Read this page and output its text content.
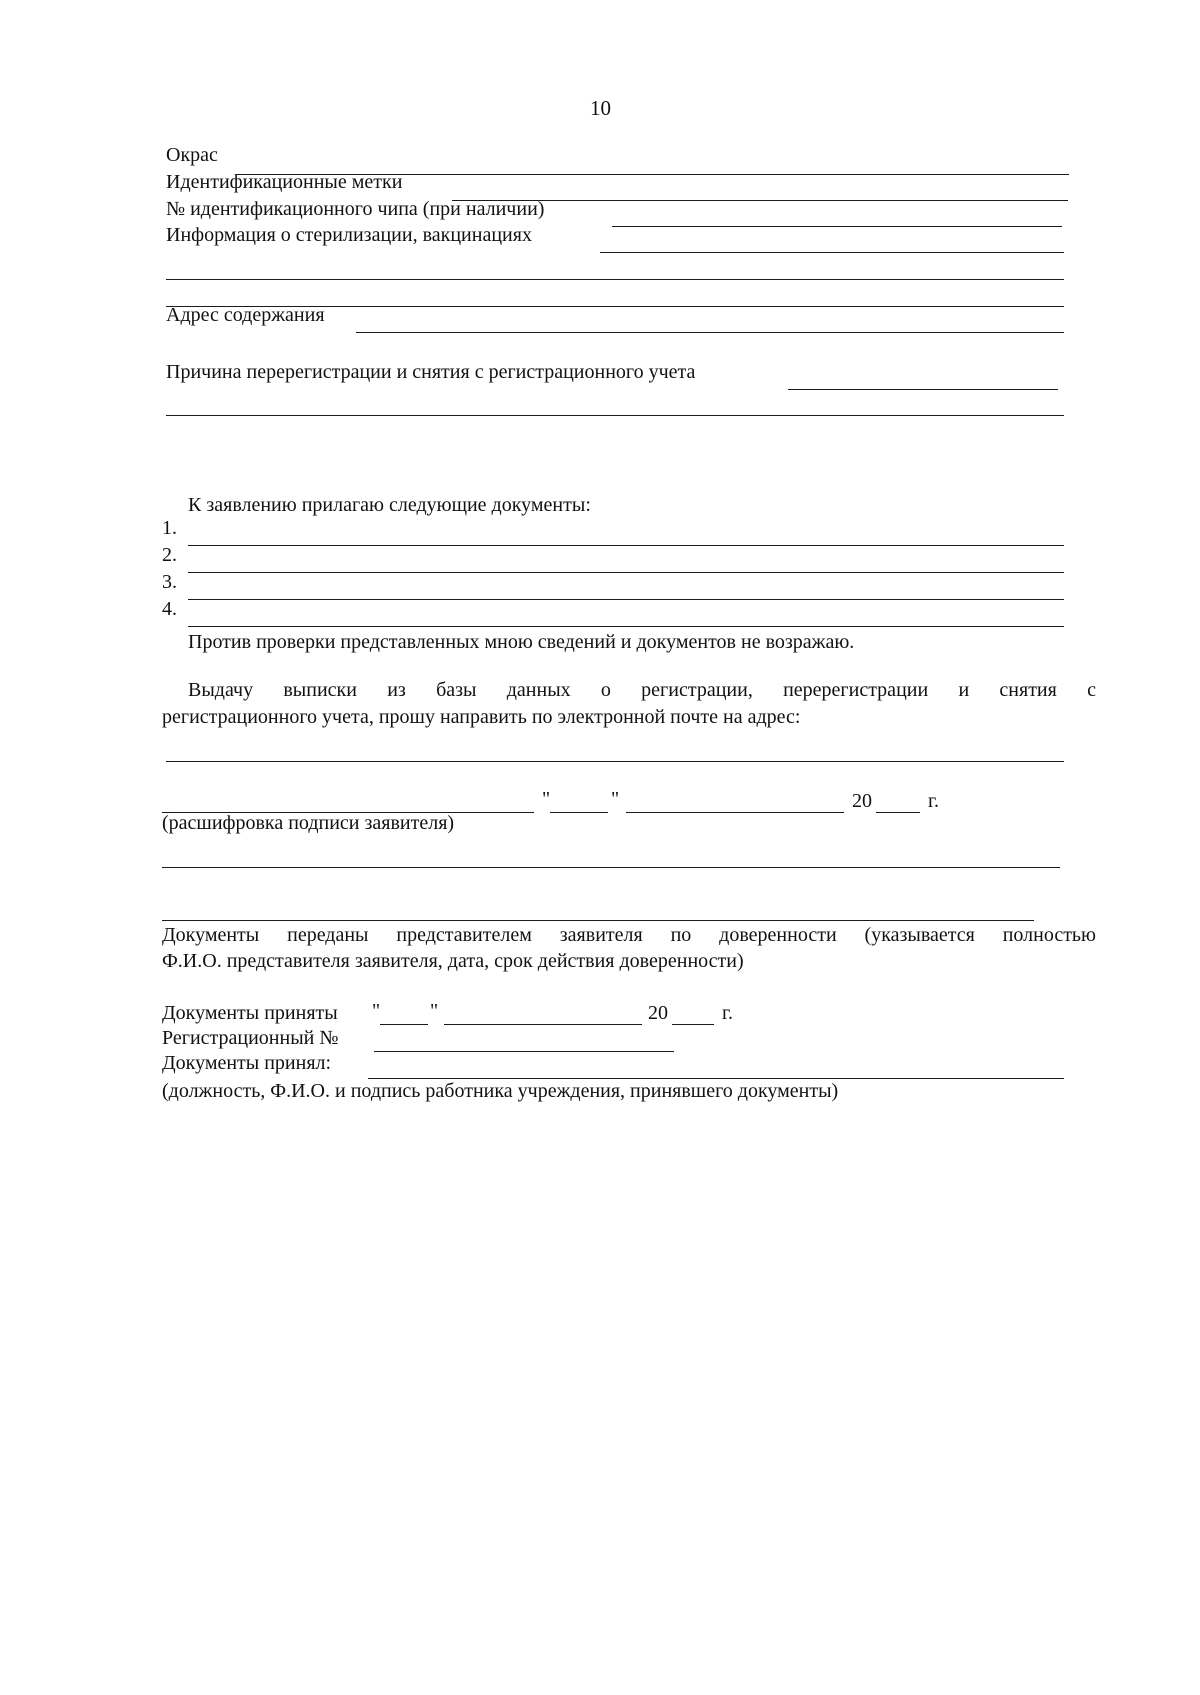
10
Окрас
Идентификационные метки
№ идентификационного чипа (при наличии)
Информация о стерилизации, вакцинациях
Адрес содержания
Причина перерегистрации и снятия с регистрационного учета
К заявлению прилагаю следующие документы:
1.
2.
3.
4.
Против проверки представленных мною сведений и документов не возражаю.
Выдачу выписки из базы данных о регистрации, перерегистрации и снятия с
регистрационного учета, прошу направить по электронной почте на адрес:
"	"	20	г.
(расшифровка подписи заявителя)
Документы переданы представителем заявителя по доверенности (указывается полностью
Ф.И.О. представителя заявителя, дата, срок действия доверенности)
Документы приняты " "	20	г.
Регистрационный №
Документы принял:
(должность, Ф.И.О. и подпись работника учреждения, принявшего документы)
